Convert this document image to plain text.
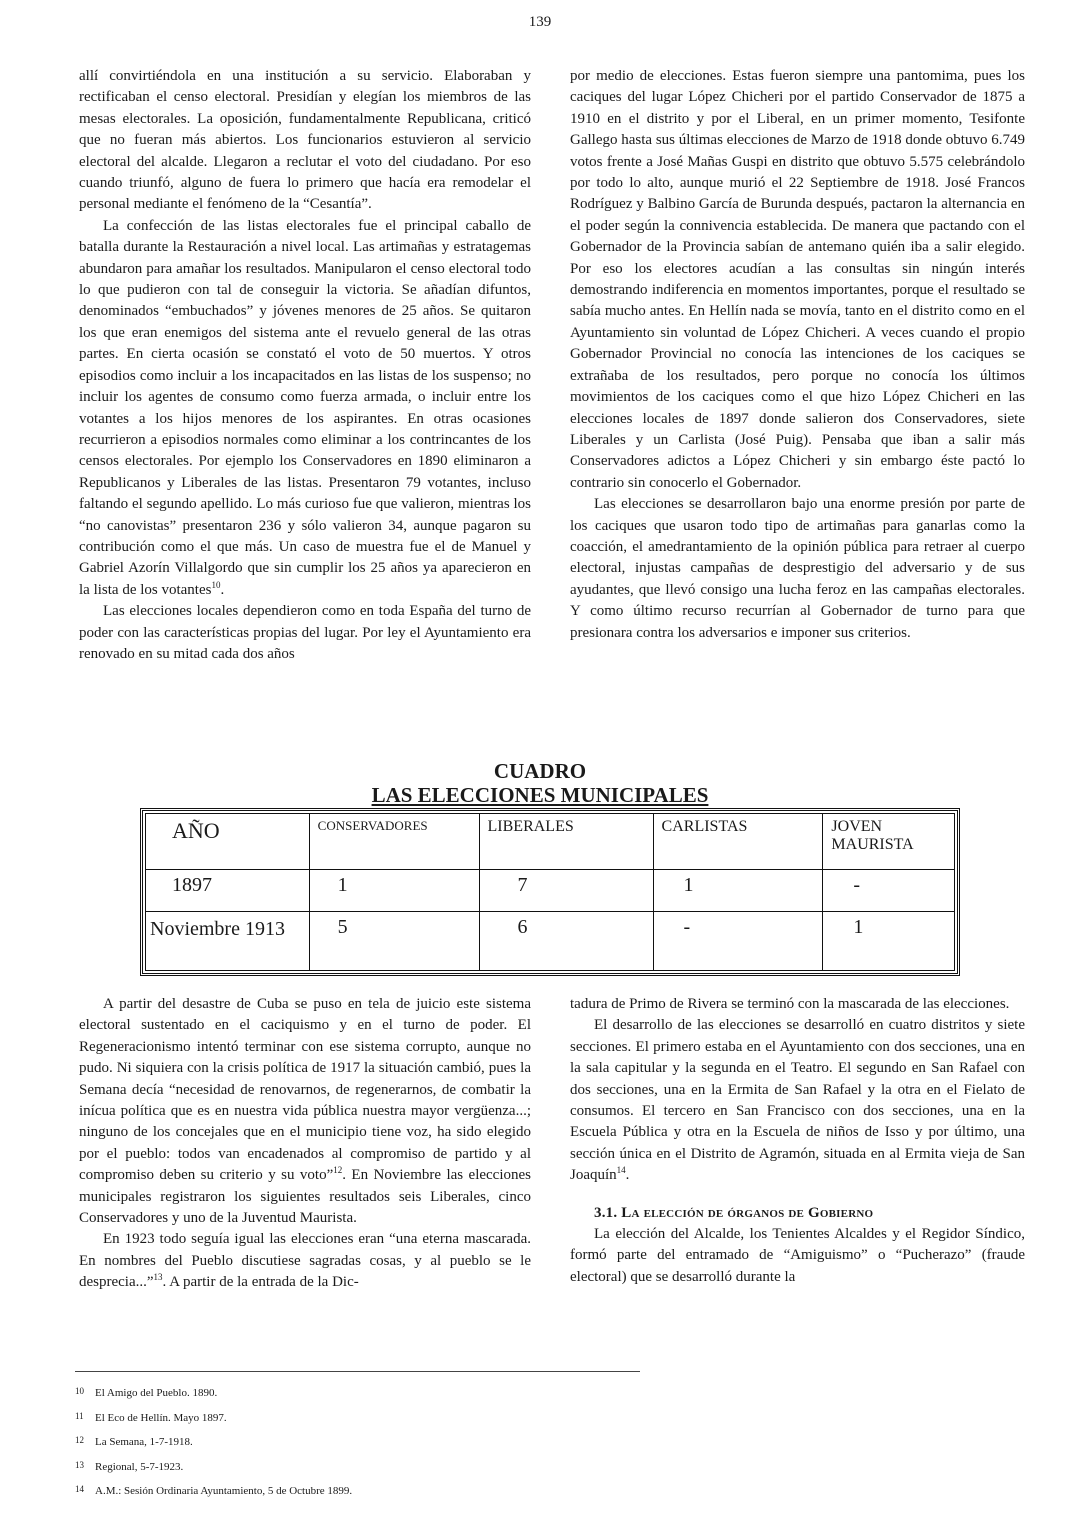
139

allí convirtiéndola en una institución a su servicio. Elaboraban y rectificaban el censo electoral. Presidían y elegían los miembros de las mesas electorales. La oposición, fundamentalmente Republicana, criticó que no fueran más abiertos. Los funcionarios estuvieron al servicio electoral del alcalde. Llegaron a reclutar el voto del ciudadano. Por eso cuando triunfó, alguno de fuera lo primero que hacía era remodelar el personal mediante el fenómeno de la “Cesantía”.

La confección de las listas electorales fue el principal caballo de batalla durante la Restauración a nivel local. Las artimañas y estratagemas abundaron para amañar los resultados. Manipularon el censo electoral todo lo que pudieron con tal de conseguir la victoria. Se añadían difuntos, denominados “embuchados” y jóvenes menores de 25 años. Se quitaron los que eran enemigos del sistema ante el revuelo general de las otras partes. En cierta ocasión se constató el voto de 50 muertos. Y otros episodios como incluir a los incapacitados en las listas de los suspenso; no incluir los agentes de consumo como fuerza armada, o incluir entre los votantes a los hijos menores de los aspirantes. En otras ocasiones recurrieron a episodios normales como eliminar a los contrincantes de los censos electorales. Por ejemplo los Conservadores en 1890 eliminaron a Republicanos y Liberales de las listas. Presentaron 79 votantes, incluso faltando el segundo apellido. Lo más curioso fue que valieron, mientras los “no canovistas” presentaron 236 y sólo valieron 34, aunque pagaron su contribución como el que más. Un caso de muestra fue el de Manuel y Gabriel Azorín Villalgordo que sin cumplir los 25 años ya aparecieron en la lista de los votantes$^{10}$.

Las elecciones locales dependieron como en toda España del turno de poder con las características propias del lugar. Por ley el Ayuntamiento era renovado en su mitad cada dos años

por medio de elecciones. Estas fueron siempre una pantomima, pues los caciques del lugar López Chicheri por el partido Conservador de 1875 a 1910 en el distrito y por el Liberal, en un primer momento, Tesifonte Gallego hasta sus últimas elecciones de Marzo de 1918 donde obtuvo 6.749 votos frente a José Mañas Guspi en distrito que obtuvo 5.575 celebrándolo por todo lo alto, aunque murió el 22 Septiembre de 1918. José Francos Rodríguez y Balbino García de Burunda después, pactaron la alternancia en el poder según la connivencia establecida. De manera que pactando con el Gobernador de la Provincia sabían de antemano quién iba a salir elegido. Por eso los electores acudían a las consultas sin ningún interés demostrando indiferencia en momentos importantes, porque el resultado se sabía mucho antes. En Hellín nada se movía, tanto en el distrito como en el Ayuntamiento sin voluntad de López Chicheri. A veces cuando el propio Gobernador Provincial no conocía las intenciones de los caciques se extrañaba de los resultados, pero porque no conocía los últimos movimientos de los caciques como el que hizo López Chicheri en las elecciones locales de 1897 donde salieron dos Conservadores, siete Liberales y un Carlista (José Puig). Pensaba que iban a salir más Conservadores adictos a López Chicheri y sin embargo éste pactó lo contrario sin conocerlo el Gobernador.

Las elecciones se desarrollaron bajo una enorme presión por parte de los caciques que usaron todo tipo de artimañas para ganarlas como la coacción, el amedrantamiento de la opinión pública para retraer al cuerpo electoral, injustas campañas de desprestigio del adversario y de sus ayudantes, que llevó consigo una lucha feroz en las campañas electorales. Y como último recurso recurrían al Gobernador de turno para que presionara contra los adversarios e imponer sus criterios.

CUADRO
LAS ELECCIONES MUNICIPALES
AÑO	CONSERVADORES	LIBERALES	CARLISTAS	JOVEN MAURISTA
1897	1	7	1	-
Noviembre 1913	5	6	-	1

A partir del desastre de Cuba se puso en tela de juicio este sistema electoral sustentado en el caciquismo y en el turno de poder. El Regeneracionismo intentó terminar con ese sistema corrupto, aunque no pudo. Ni siquiera con la crisis política de 1917 la situación cambió, pues la Semana decía “necesidad de renovarnos, de regenerarnos, de combatir la inícua política que es en nuestra vida pública nuestra mayor vergüenza...; ninguno de los concejales que en el municipio tiene voz, ha sido elegido por el pueblo: todos van encadenados al compromiso de partido y al compromiso deben su criterio y su voto”$^{12}$. En Noviembre las elecciones municipales registraron los siguientes resultados seis Liberales, cinco Conservadores y uno de la Juventud Maurista.

En 1923 todo seguía igual las elecciones eran “una eterna mascarada. En nombres del Pueblo discutiese sagradas cosas, y al pueblo se le desprecia...”$^{13}$. A partir de la entrada de la Dic-

tadura de Primo de Rivera se terminó con la mascarada de las elecciones.

El desarrollo de las elecciones se desarrolló en cuatro distritos y siete secciones. El primero estaba en el Ayuntamiento con dos secciones, una en la sala capitular y la segunda en el Teatro. El segundo en San Rafael con dos secciones, una en la Ermita de San Rafael y la otra en el Fielato de consumos. El tercero en San Francisco con dos secciones, una en la Escuela Pública y otra en la Escuela de niños de Isso y por último, una sección única en el Distrito de Agramón, situada en al Ermita vieja de San Joaquín$^{14}$.

3.1. La elección de órganos de Gobierno

La elección del Alcalde, los Tenientes Alcaldes y el Regidor Síndico, formó parte del entramado de “Amiguismo” o “Pucherazo” (fraude electoral) que se desarrolló durante la

10 El Amigo del Pueblo. 1890.

11 El Eco de Hellín. Mayo 1897.

12 La Semana, 1-7-1918.

13 Regional, 5-7-1923.

14 A.M.: Sesión Ordinaria Ayuntamiento, 5 de Octubre 1899.
